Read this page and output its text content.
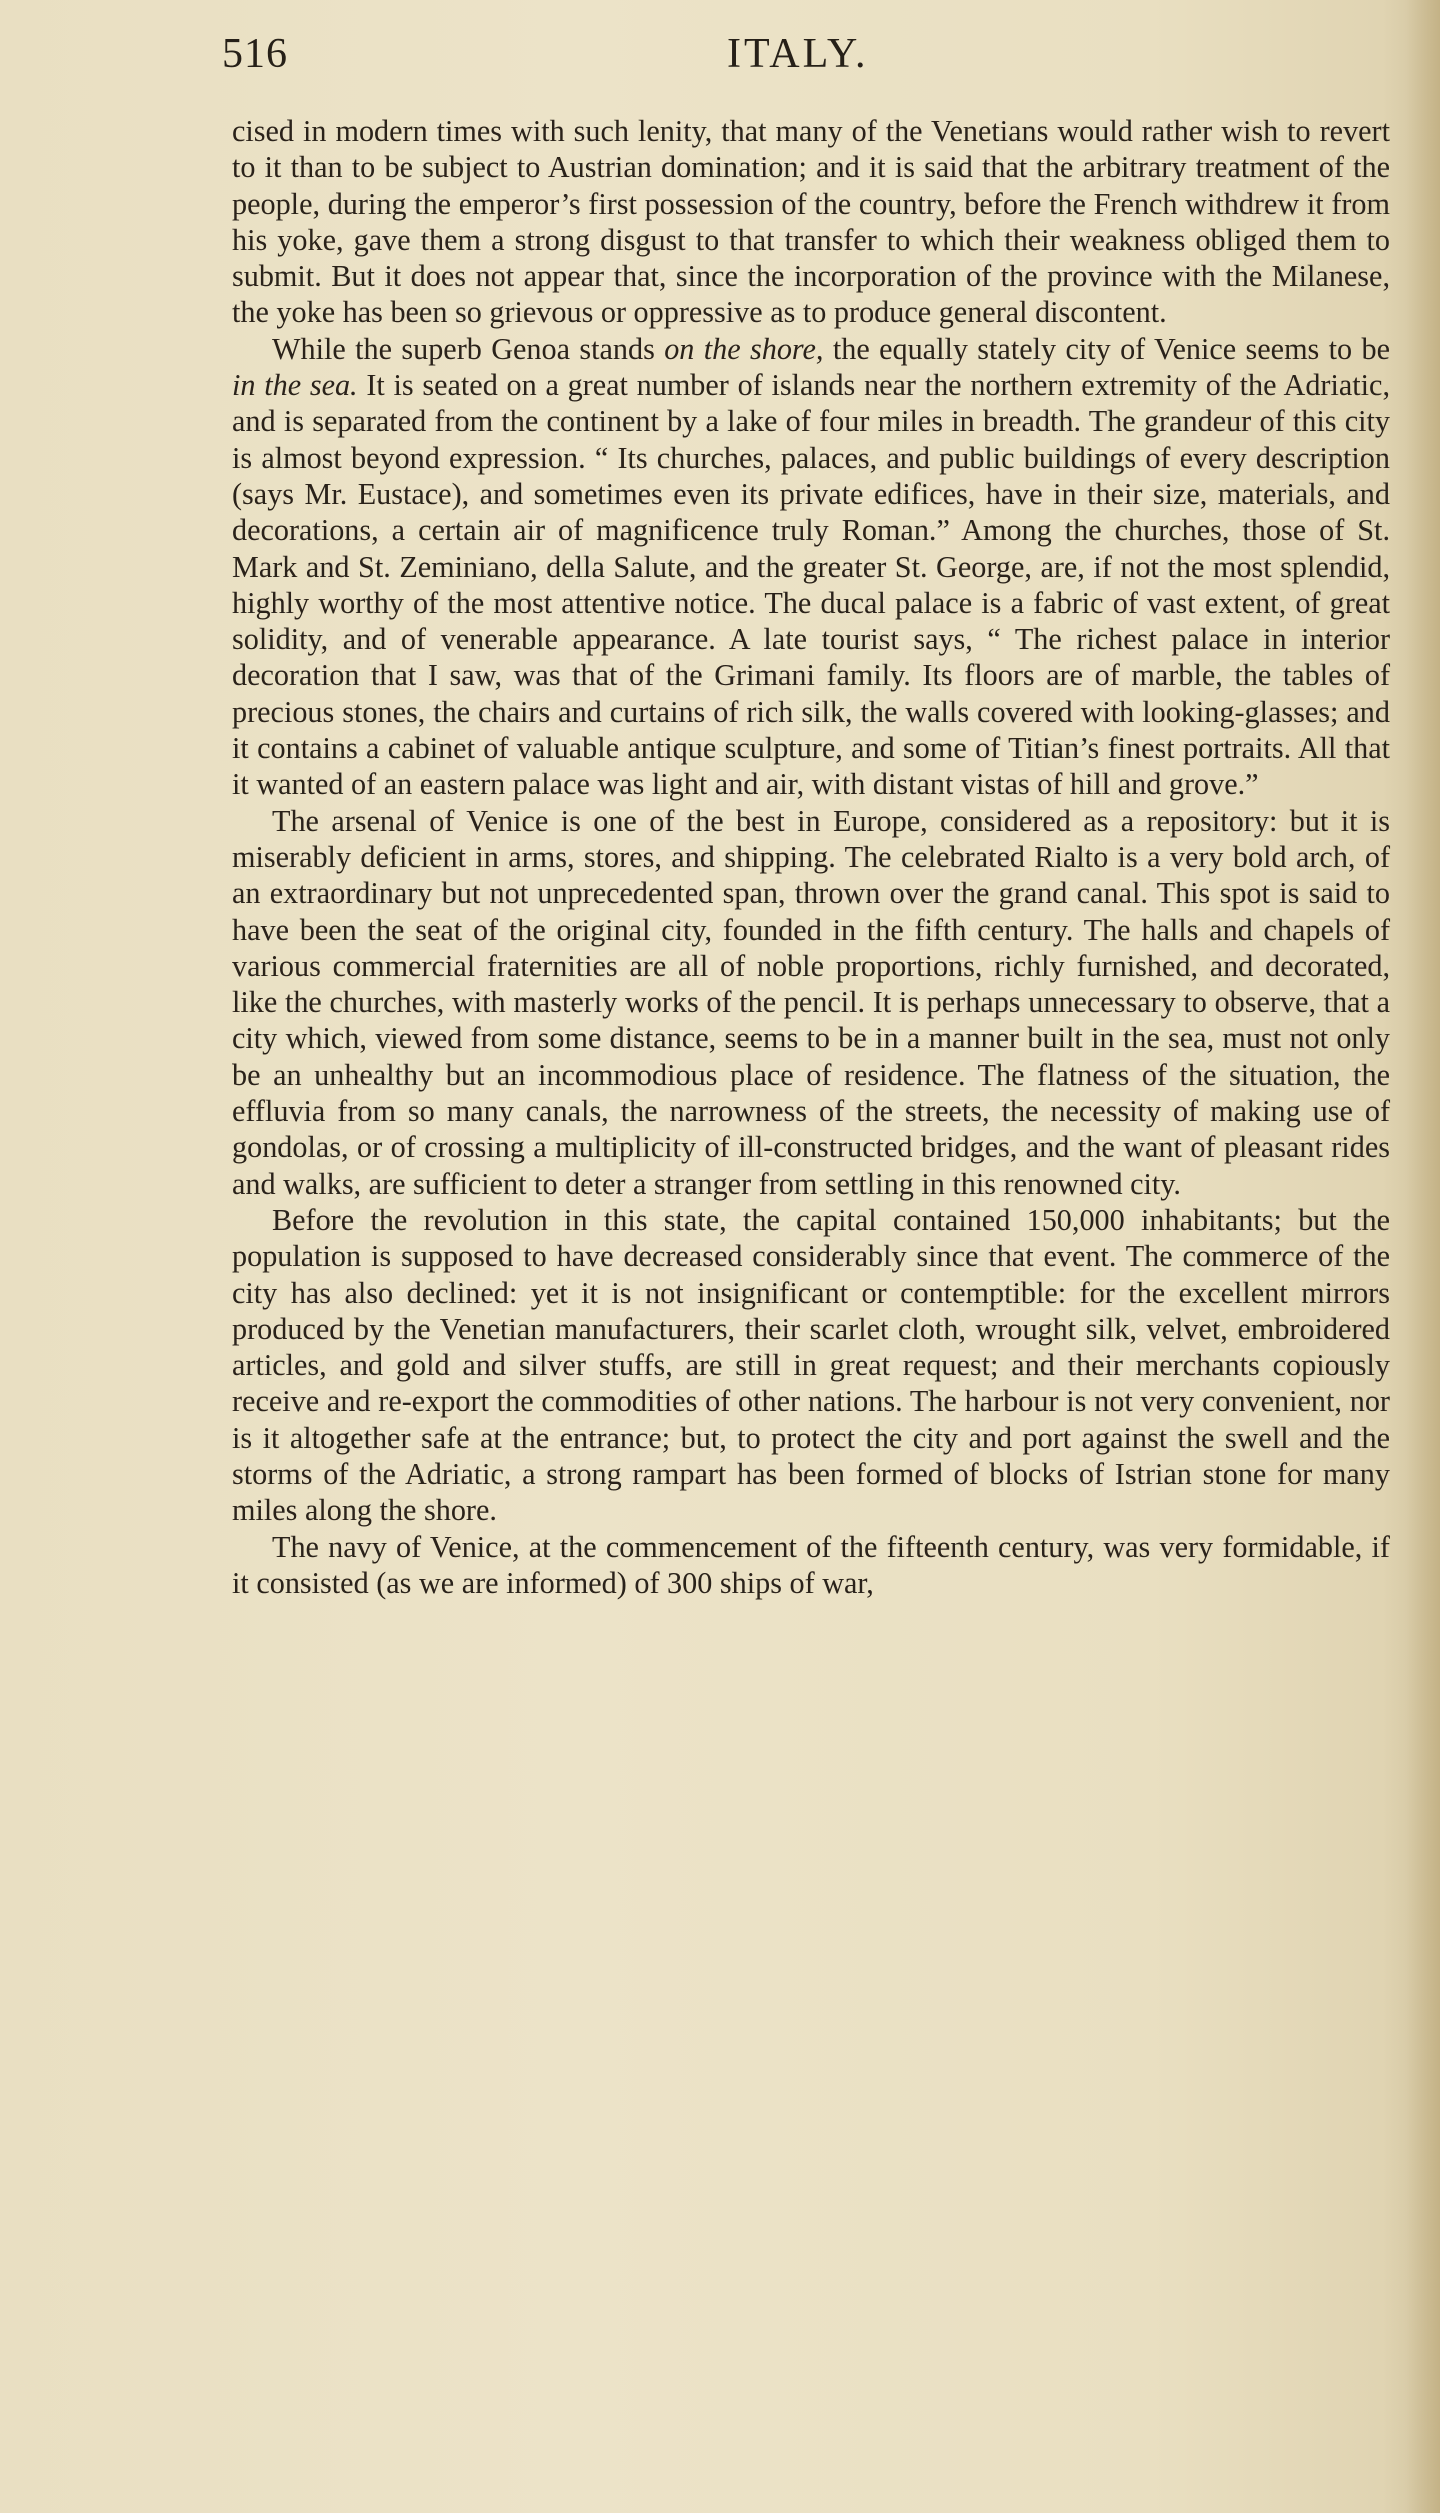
516	ITALY.

cised in modern times with such lenity, that many of the Venetians would rather wish to revert to it than to be subject to Austrian domination; and it is said that the arbitrary treatment of the people, during the emperor’s first possession of the country, before the French withdrew it from his yoke, gave them a strong disgust to that transfer to which their weakness obliged them to submit. But it does not appear that, since the incorporation of the province with the Milanese, the yoke has been so grievous or oppressive as to produce general discontent.

While the superb Genoa stands on the shore, the equally stately city of Venice seems to be in the sea. It is seated on a great number of islands near the northern extremity of the Adriatic, and is separated from the continent by a lake of four miles in breadth. The grandeur of this city is almost beyond expression. “ Its churches, palaces, and public buildings of every description (says Mr. Eustace), and sometimes even its private edifices, have in their size, materials, and decorations, a certain air of magnificence truly Roman.” Among the churches, those of St. Mark and St. Zeminiano, della Salute, and the greater St. George, are, if not the most splendid, highly worthy of the most attentive notice. The ducal palace is a fabric of vast extent, of great solidity, and of venerable appearance. A late tourist says, “ The richest palace in interior decoration that I saw, was that of the Grimani family. Its floors are of marble, the tables of precious stones, the chairs and curtains of rich silk, the walls covered with looking-glasses; and it contains a cabinet of valuable antique sculpture, and some of Titian’s finest portraits. All that it wanted of an eastern palace was light and air, with distant vistas of hill and grove.”

The arsenal of Venice is one of the best in Europe, considered as a repository: but it is miserably deficient in arms, stores, and shipping. The celebrated Rialto is a very bold arch, of an extraordinary but not unprecedented span, thrown over the grand canal. This spot is said to have been the seat of the original city, founded in the fifth century. The halls and chapels of various commercial fraternities are all of noble proportions, richly furnished, and decorated, like the churches, with masterly works of the pencil. It is perhaps unnecessary to observe, that a city which, viewed from some distance, seems to be in a manner built in the sea, must not only be an unhealthy but an incommodious place of residence. The flatness of the situation, the effluvia from so many canals, the narrowness of the streets, the necessity of making use of gondolas, or of crossing a multiplicity of ill-constructed bridges, and the want of pleasant rides and walks, are sufficient to deter a stranger from settling in this renowned city.

Before the revolution in this state, the capital contained 150,000 inhabitants; but the population is supposed to have decreased considerably since that event. The commerce of the city has also declined: yet it is not insignificant or contemptible: for the excellent mirrors produced by the Venetian manufacturers, their scarlet cloth, wrought silk, velvet, embroidered articles, and gold and silver stuffs, are still in great request; and their merchants copiously receive and re-export the commodities of other nations. The harbour is not very convenient, nor is it altogether safe at the entrance; but, to protect the city and port against the swell and the storms of the Adriatic, a strong rampart has been formed of blocks of Istrian stone for many miles along the shore.

The navy of Venice, at the commencement of the fifteenth century, was very formidable, if it consisted (as we are informed) of 300 ships of war,
